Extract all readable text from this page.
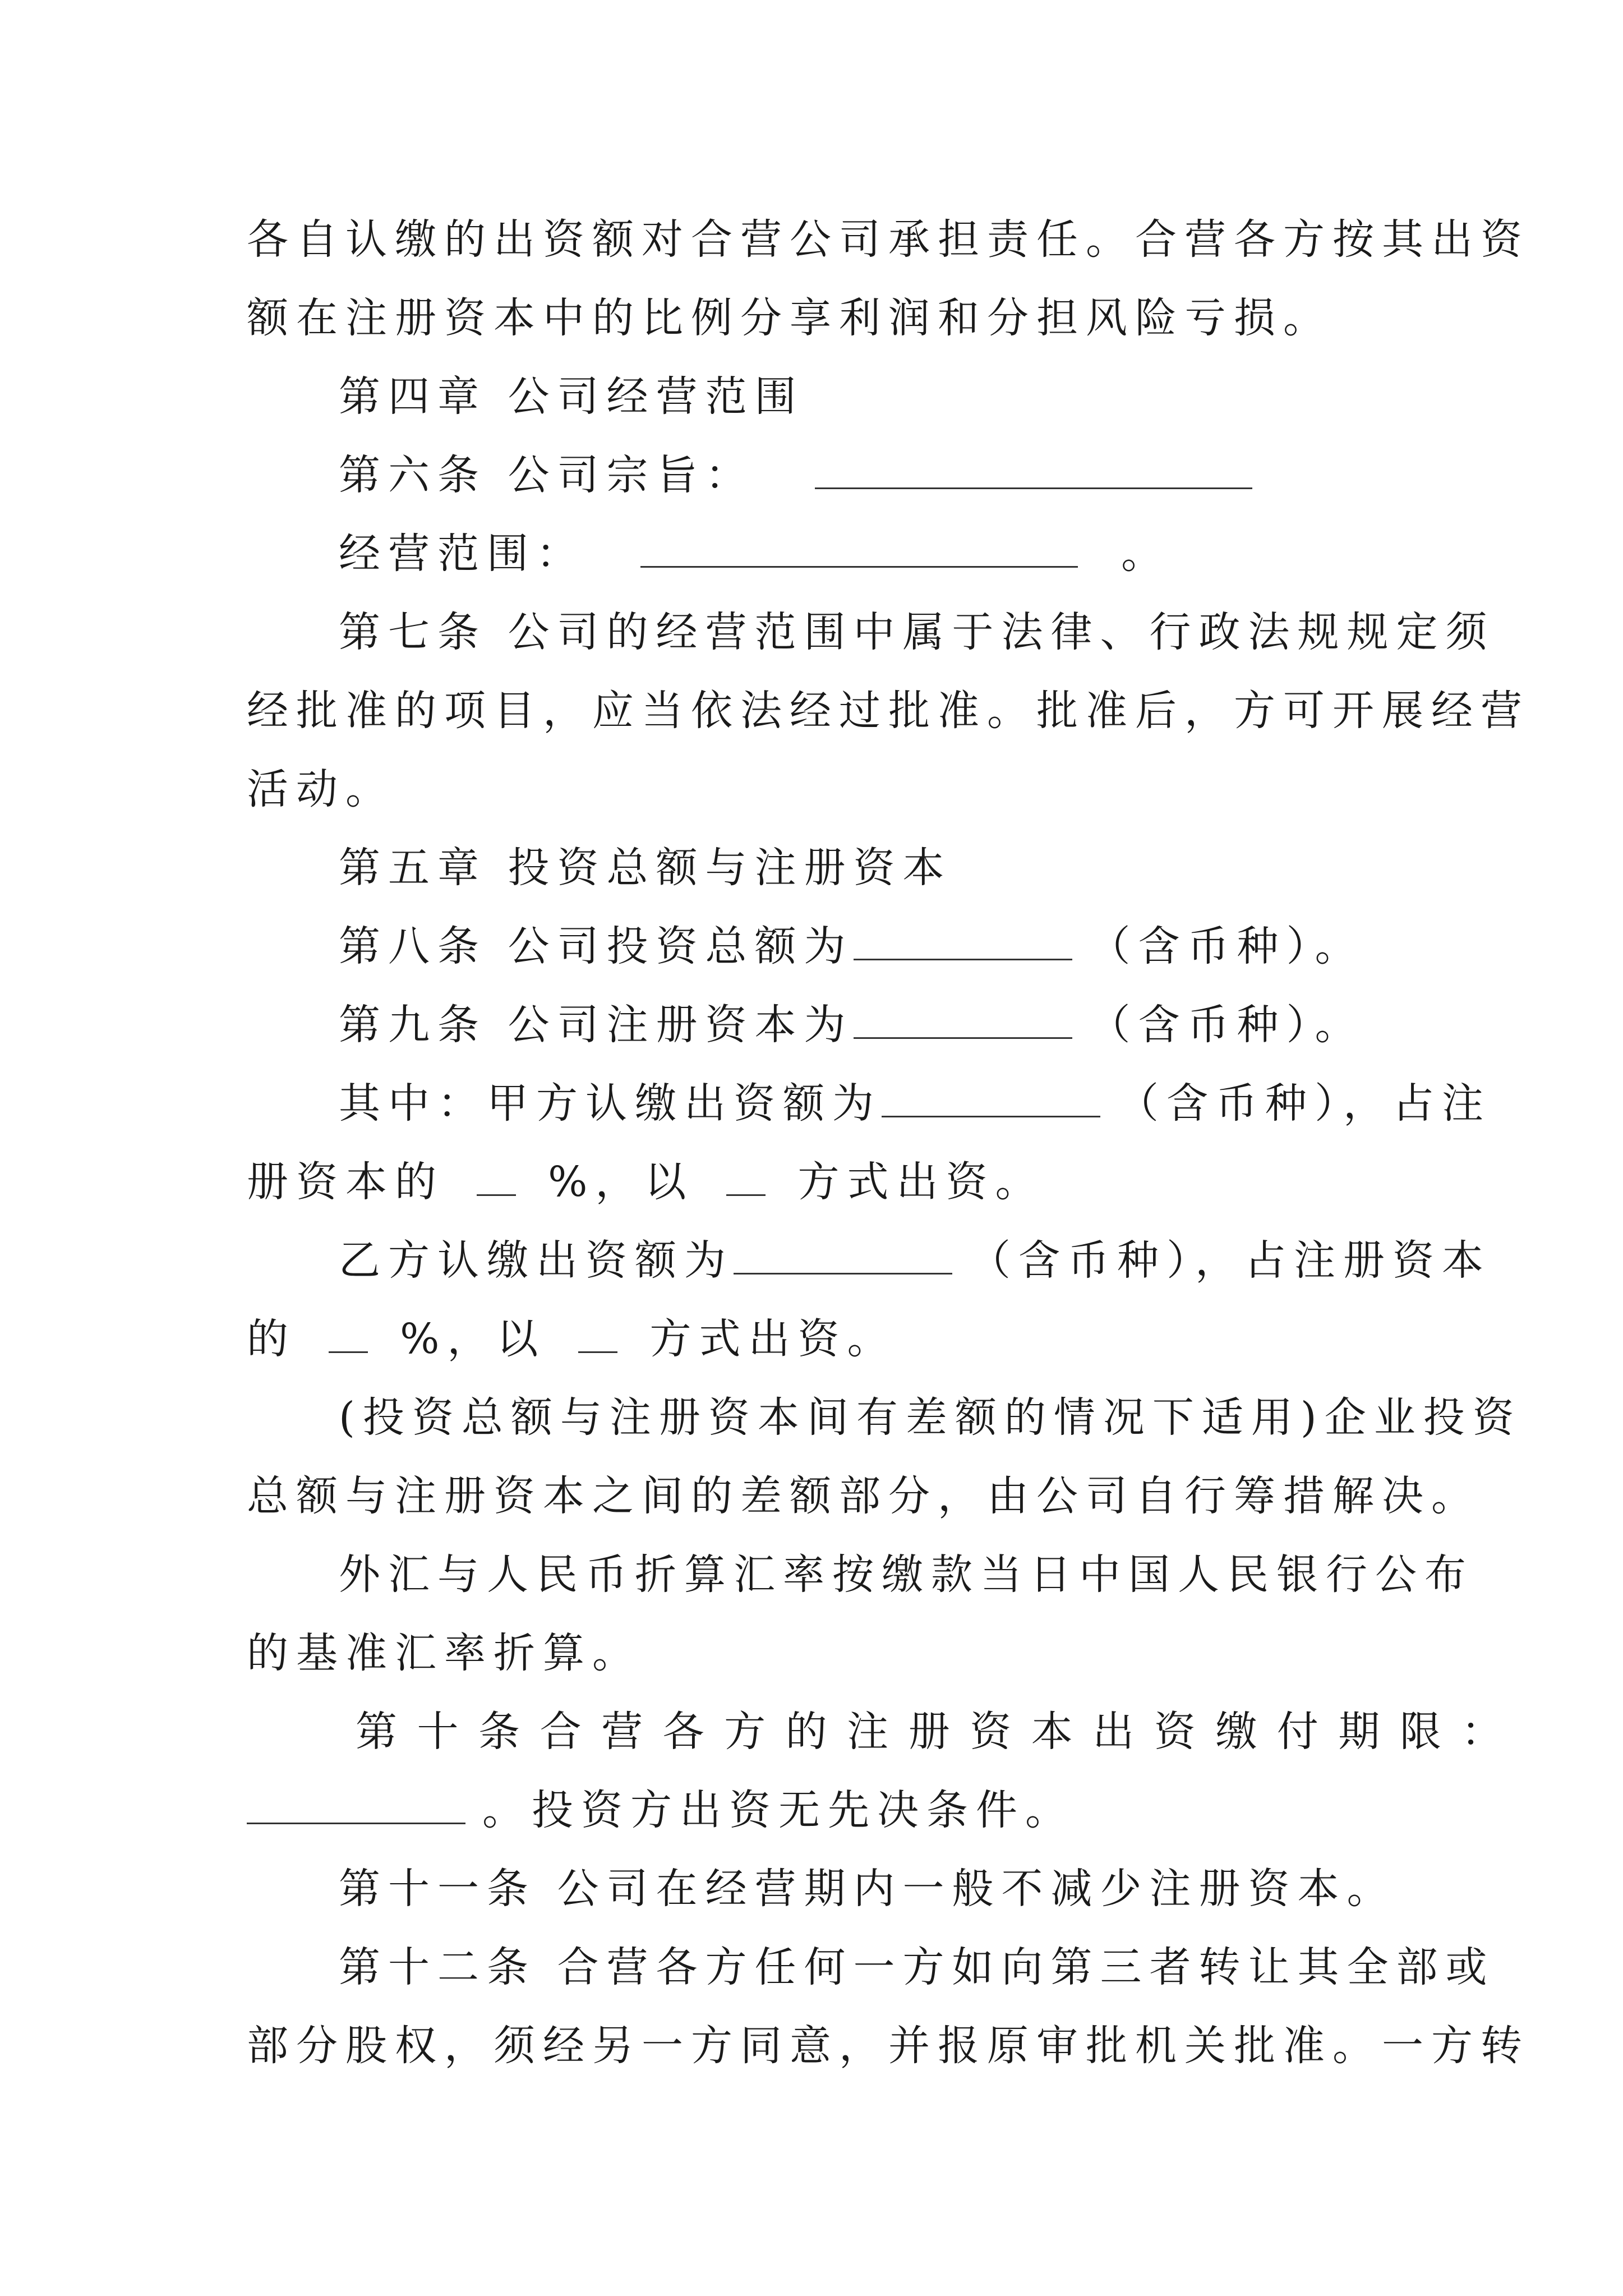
各自认缴的出资额对合营公司承担责任。合营各方按其出资
额在注册资本中的比例分享利润和分担风险亏损。
第四章 公司经营范围
第六条 公司宗旨：
经营范围：	。
第七条 公司的经营范围中属于法律、行政法规规定须
经批准的项目，应当依法经过批准。批准后，方可开展经营
活动。
第五章 投资总额与注册资本
第八条 公司投资总额为	（含币种）。
第九条 公司注册资本为	（含币种）。
其中：甲方认缴出资额为	（含币种），占注
册资本的	%，以	方式出资。
乙方认缴出资额为	（含币种），占注册资本
的	%，以	方式出资。
(投资总额与注册资本间有差额的情况下适用)企业投资
总额与注册资本之间的差额部分，由公司自行筹措解决。
外汇与人民币折算汇率按缴款当日中国人民银行公布
的基准汇率折算。
第 十 条 合 营 各 方 的 注 册 资 本 出 资 缴 付 期 限 ：
。投资方出资无先决条件。
第十一条 公司在经营期内一般不减少注册资本。
第十二条 合营各方任何一方如向第三者转让其全部或
部分股权，须经另一方同意，并报原审批机关批准。一方转
